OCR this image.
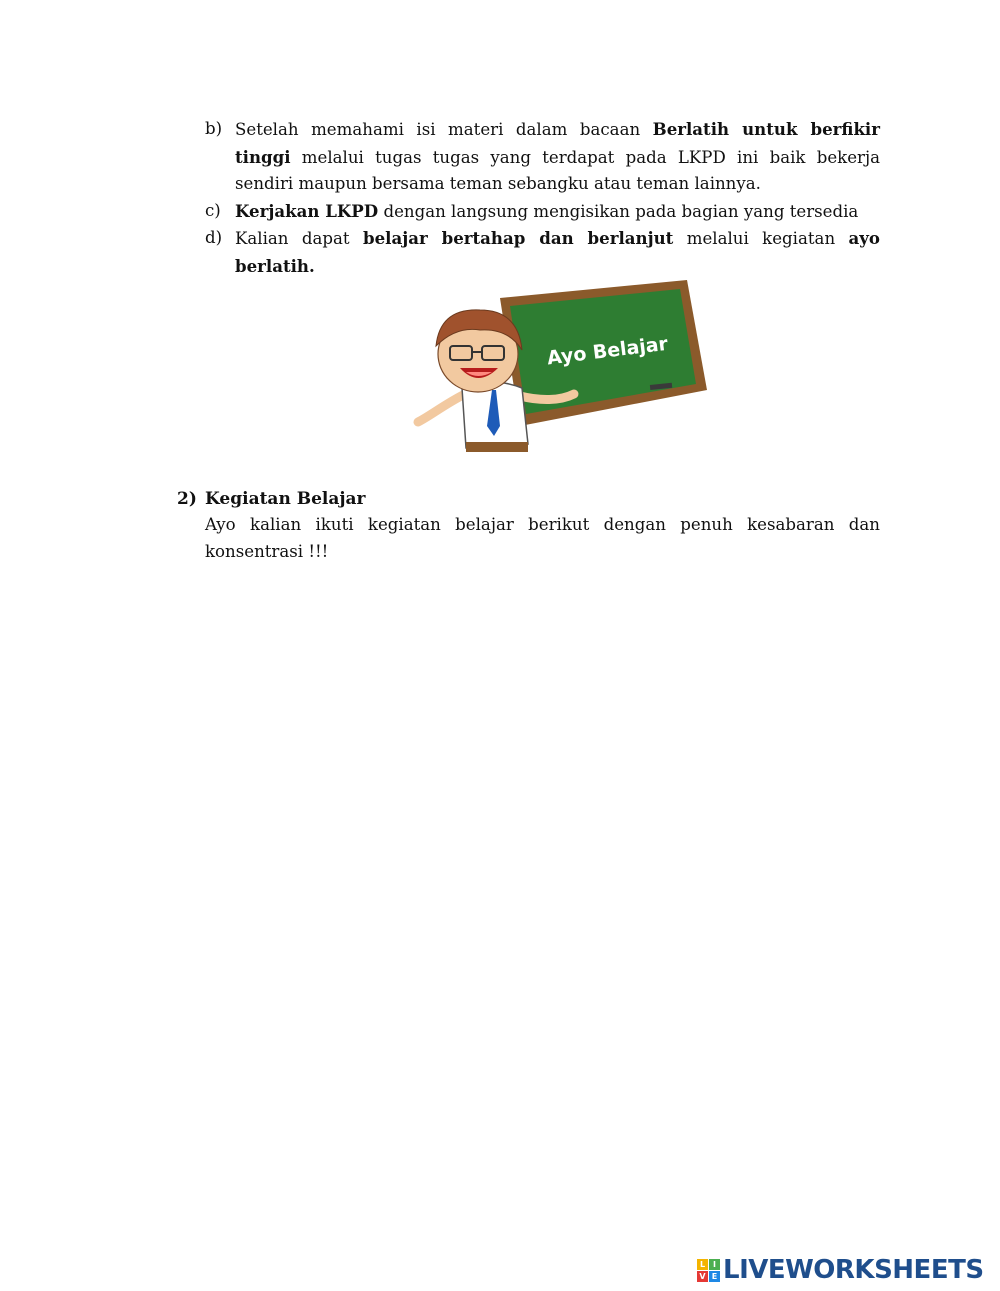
b) Setelah memahami isi materi dalam bacaan Berlatih untuk berfikir tinggi melalui tugas tugas yang terdapat pada LKPD ini baik bekerja sendiri maupun bersama teman sebangku atau teman lainnya.
c) Kerjakan LKPD dengan langsung mengisikan pada bagian yang tersedia
d) Kalian dapat belajar bertahap dan berlanjut melalui kegiatan ayo berlatih.
Ayo Belajar
2) Kegiatan Belajar
Ayo kalian ikuti kegiatan belajar berikut dengan penuh kesabaran dan konsentrasi !!!
L I
V E LIVEWORKSHEETS
